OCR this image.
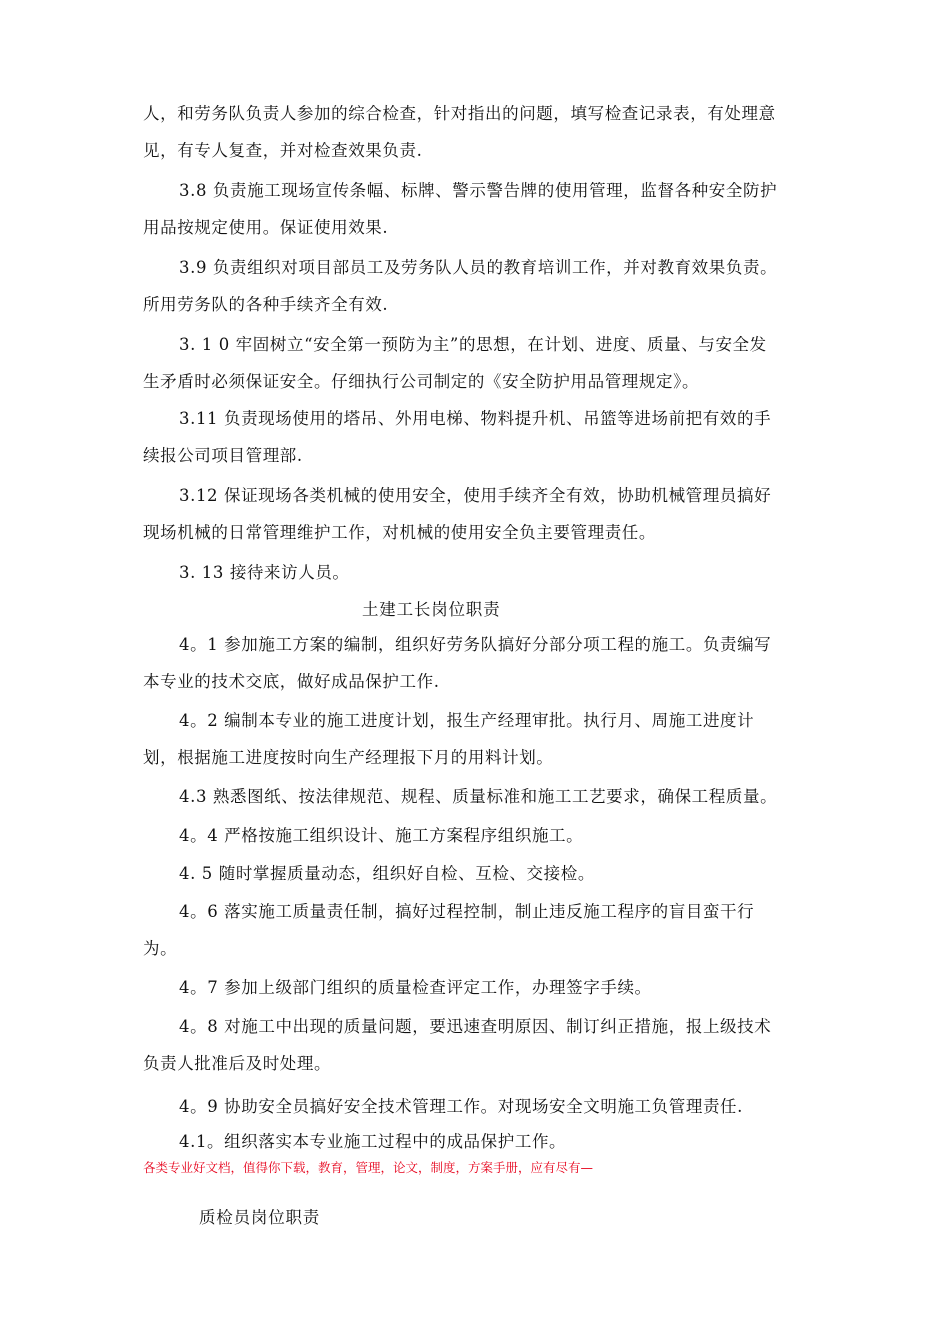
人，和劳务队负责人参加的综合检查，针对指出的问题，填写检查记录表，有处理意
见，有专人复查，并对检查效果负责.
3.8 负责施工现场宣传条幅、标牌、警示警告牌的使用管理，监督各种安全防护
用品按规定使用。保证使用效果.
3.9 负责组织对项目部员工及劳务队人员的教育培训工作，并对教育效果负责。
所用劳务队的各种手续齐全有效.
3. 1 0 牢固树立“安全第一预防为主”的思想，在计划、进度、质量、与安全发
生矛盾时必须保证安全。仔细执行公司制定的《安全防护用品管理规定》。
3.11 负责现场使用的塔吊、外用电梯、物料提升机、吊篮等进场前把有效的手
续报公司项目管理部.
3.12 保证现场各类机械的使用安全，使用手续齐全有效，协助机械管理员搞好
现场机械的日常管理维护工作，对机械的使用安全负主要管理责任。
3. 13 接待来访人员。
土建工长岗位职责
4。1 参加施工方案的编制，组织好劳务队搞好分部分项工程的施工。负责编写
本专业的技术交底，做好成品保护工作.
4。2 编制本专业的施工进度计划，报生产经理审批。执行月、周施工进度计
划，根据施工进度按时向生产经理报下月的用料计划。
4.3 熟悉图纸、按法律规范、规程、质量标准和施工工艺要求，确保工程质量。
4。4 严格按施工组织设计、施工方案程序组织施工。
4. 5 随时掌握质量动态，组织好自检、互检、交接检。
4。6 落实施工质量责任制，搞好过程控制，制止违反施工程序的盲目蛮干行
为。
4。7 参加上级部门组织的质量检查评定工作，办理签字手续。
4。8 对施工中出现的质量问题，要迅速查明原因、制订纠正措施，报上级技术
负责人批准后及时处理。
4。9 协助安全员搞好安全技术管理工作。对现场安全文明施工负管理责任.
4.1。组织落实本专业施工过程中的成品保护工作。
各类专业好文档，值得你下载，教育，管理，论文，制度，方案手册，应有尽有—
质检员岗位职责
